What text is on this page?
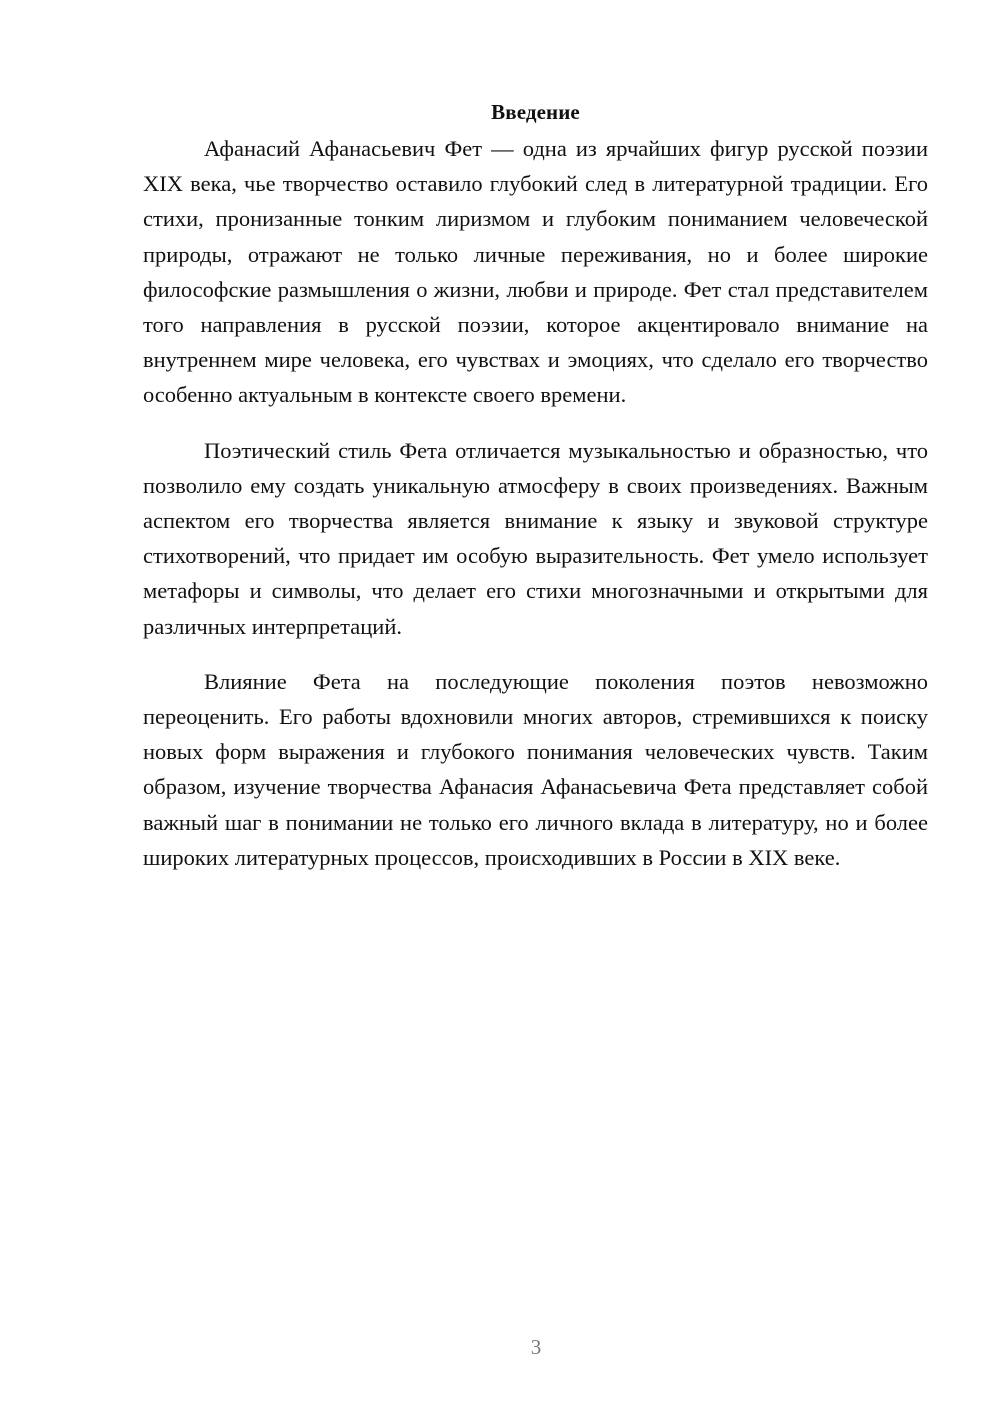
Введение

Афанасий Афанасьевич Фет — одна из ярчайших фигур русской поэзии XIX века, чье творчество оставило глубокий след в литературной традиции. Его стихи, пронизанные тонким лиризмом и глубоким пониманием человеческой природы, отражают не только личные переживания, но и более широкие философские размышления о жизни, любви и природе. Фет стал представителем того направления в русской поэзии, которое акцентировало внимание на внутреннем мире человека, его чувствах и эмоциях, что сделало его творчество особенно актуальным в контексте своего времени.

Поэтический стиль Фета отличается музыкальностью и образностью, что позволило ему создать уникальную атмосферу в своих произведениях. Важным аспектом его творчества является внимание к языку и звуковой структуре стихотворений, что придает им особую выразительность. Фет умело использует метафоры и символы, что делает его стихи многозначными и открытыми для различных интерпретаций.

Влияние Фета на последующие поколения поэтов невозможно переоценить. Его работы вдохновили многих авторов, стремившихся к поиску новых форм выражения и глубокого понимания человеческих чувств. Таким образом, изучение творчества Афанасия Афанасьевича Фета представляет собой важный шаг в понимании не только его личного вклада в литературу, но и более широких литературных процессов, происходивших в России в XIX веке.

3
